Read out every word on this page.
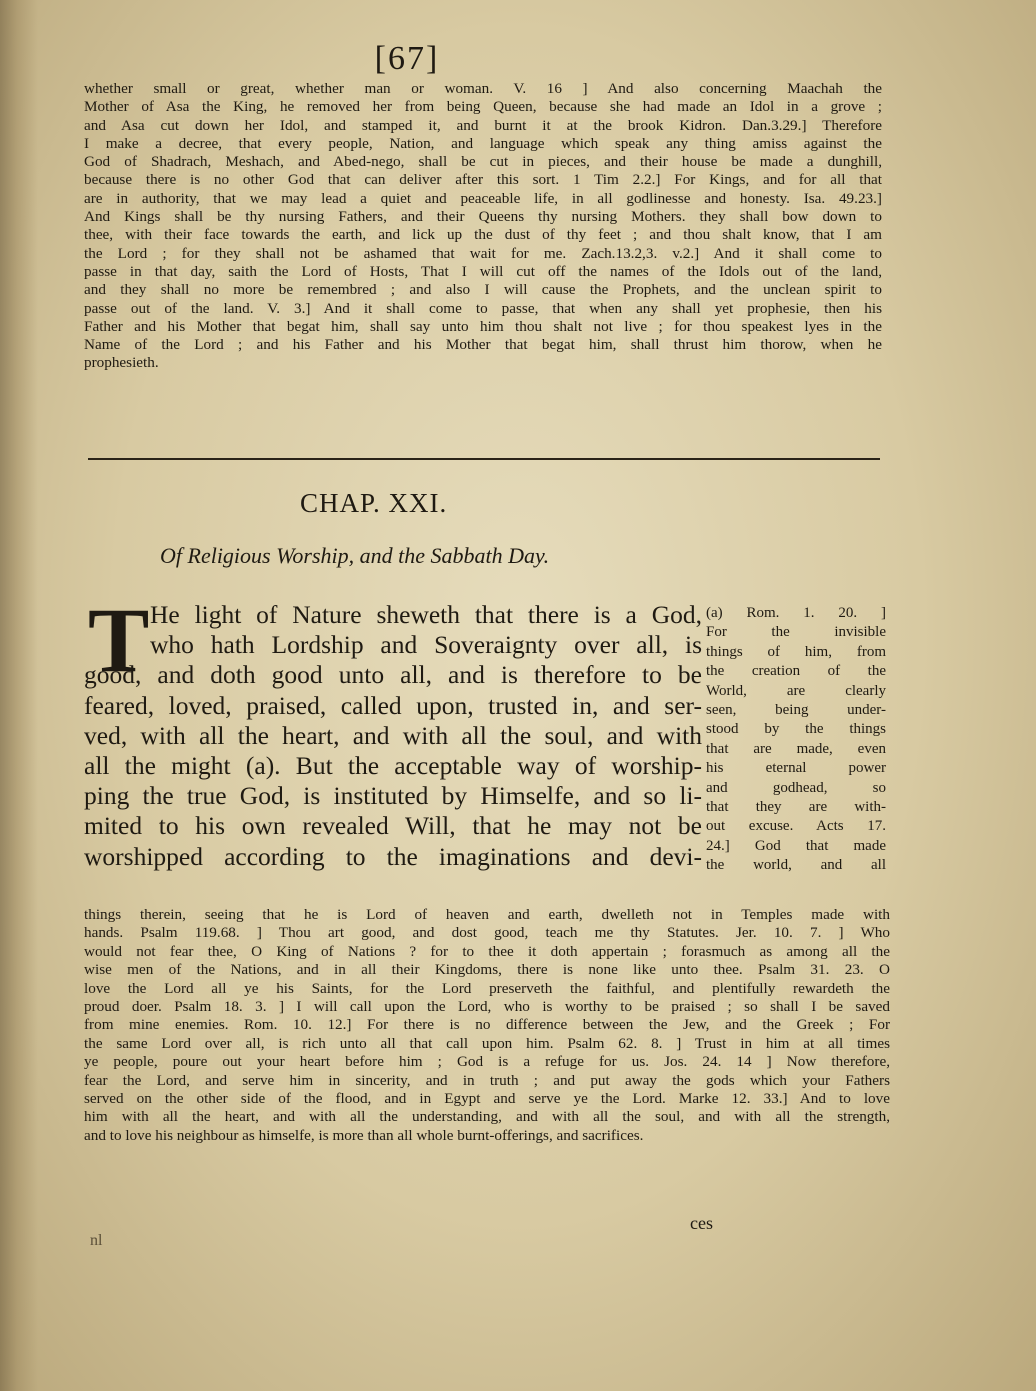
[67]
whether small or great, whether man or woman. V. 16 ] And also concerning Maachah the
Mother of Asa the King, he removed her from being Queen, because she had made an Idol in a grove ;
and Asa cut down her Idol, and stamped it, and burnt it at the brook Kidron. Dan.3.29.] Therefore
I make a decree, that every people, Nation, and language which speak any thing amiss against the
God of Shadrach, Meshach, and Abed-nego, shall be cut in pieces, and their house be made a dunghill,
because there is no other God that can deliver after this sort. 1 Tim 2.2.] For Kings, and for all that
are in authority, that we may lead a quiet and peaceable life, in all godlinesse and honesty. Isa. 49.23.]
And Kings shall be thy nursing Fathers, and their Queens thy nursing Mothers. they shall bow down to
thee, with their face towards the earth, and lick up the dust of thy feet ; and thou shalt know, that I am
the Lord ; for they shall not be ashamed that wait for me. Zach.13.2,3. v.2.] And it shall come to
passe in that day, saith the Lord of Hosts, That I will cut off the names of the Idols out of the land,
and they shall no more be remembred ; and also I will cause the Prophets, and the unclean spirit to
passe out of the land. V. 3.] And it shall come to passe, that when any shall yet prophesie, then his
Father and his Mother that begat him, shall say unto him thou shalt not live ; for thou speakest lyes in the
Name of the Lord ; and his Father and his Mother that begat him, shall thrust him thorow, when he
prophesieth.
CHAP. XXI.
Of Religious Worship, and the Sabbath Day.
T He light of Nature sheweth that there is a God,
who hath Lordship and Soveraignty over all, is
good, and doth good unto all, and is therefore to be
feared, loved, praised, called upon, trusted in, and ser-
ved, with all the heart, and with all the soul, and with
all the might (a). But the acceptable way of worship-
ping the true God, is instituted by Himselfe, and so li-
mited to his own revealed Will, that he may not be
worshipped according to the imaginations and devi-
(a) Rom. 1. 20. ]
For the invisible
things of him, from
the creation of the
World, are clearly
seen, being under-
stood by the things
that are made, even
his eternal power
and godhead, so
that they are with-
out excuse. Acts 17.
24.] God that made
the world, and all
things therein, seeing that he is Lord of heaven and earth, dwelleth not in Temples made with
hands. Psalm 119.68. ] Thou art good, and dost good, teach me thy Statutes. Jer. 10. 7. ] Who
would not fear thee, O King of Nations ? for to thee it doth appertain ; forasmuch as among all the
wise men of the Nations, and in all their Kingdoms, there is none like unto thee. Psalm 31. 23. O
love the Lord all ye his Saints, for the Lord preserveth the faithful, and plentifully rewardeth the
proud doer. Psalm 18. 3. ] I will call upon the Lord, who is worthy to be praised ; so shall I be saved
from mine enemies. Rom. 10. 12.] For there is no difference between the Jew, and the Greek ; For
the same Lord over all, is rich unto all that call upon him. Psalm 62. 8. ] Trust in him at all times
ye people, poure out your heart before him ; God is a refuge for us. Jos. 24. 14 ] Now therefore,
fear the Lord, and serve him in sincerity, and in truth ; and put away the gods which your Fathers
served on the other side of the flood, and in Egypt and serve ye the Lord. Marke 12. 33.] And to love
him with all the heart, and with all the understanding, and with all the soul, and with all the strength,
and to love his neighbour as himselfe, is more than all whole burnt-offerings, and sacrifices.
ces
nl
